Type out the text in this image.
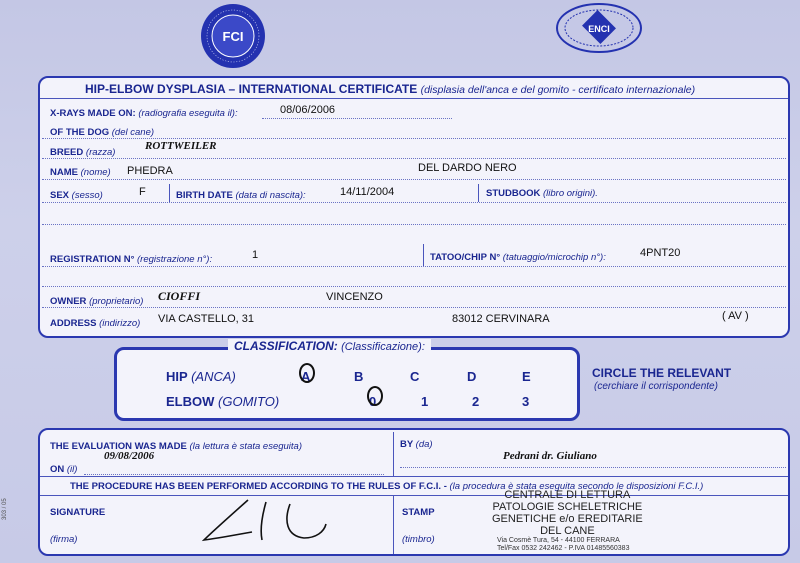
FCI	ENCI
HIP-ELBOW DYSPLASIA – INTERNATIONAL CERTIFICATE (displasia dell'anca e del gomito - certificato internazionale)
X-RAYS MADE ON: (radiografia eseguita il):	08/06/2006
OF THE DOG (del cane)
BREED (razza)
ROTTWEILER
NAME (nome) PHEDRA	DEL DARDO NERO
SEX (sesso)	F	BIRTH DATE (data di nascita):	14/11/2004	STUDBOOK (libro origini).
REGISTRATION N° (registrazione n°):	1	TATOO/CHIP N° (tatuaggio/microchip n°):	4PNT20
OWNER (proprietario) CIOFFI	VINCENZO
ADDRESS (indirizzo) VIA CASTELLO, 31	83012 CERVINARA	( AV )
CLASSIFICATION: (Classificazione):
HIP (ANCA)	A	B	C	D	E
ELBOW (GOMITO)	0	1	2	3
CIRCLE THE RELEVANT
(cerchiare il corrispondente)
THE EVALUATION WAS MADE (la lettura è stata eseguita)
ON (il)
09/08/2006
BY (da)
Pedrani dr. Giuliano
THE PROCEDURE HAS BEEN PERFORMED ACCORDING TO THE RULES OF F.C.I. - (la procedura è stata eseguita secondo le disposizioni F.C.I.)
SIGNATURE
(firma)
STAMP
(timbro)
CENTRALE DI LETTURA
PATOLOGIE SCHELETRICHE
GENETICHE e/o EREDITARIE
DEL CANE
Via Cosmè Tura, 54 - 44100 FERRARA
Tel/Fax 0532 242462 - P.IVA 01485560383
303 / 05
